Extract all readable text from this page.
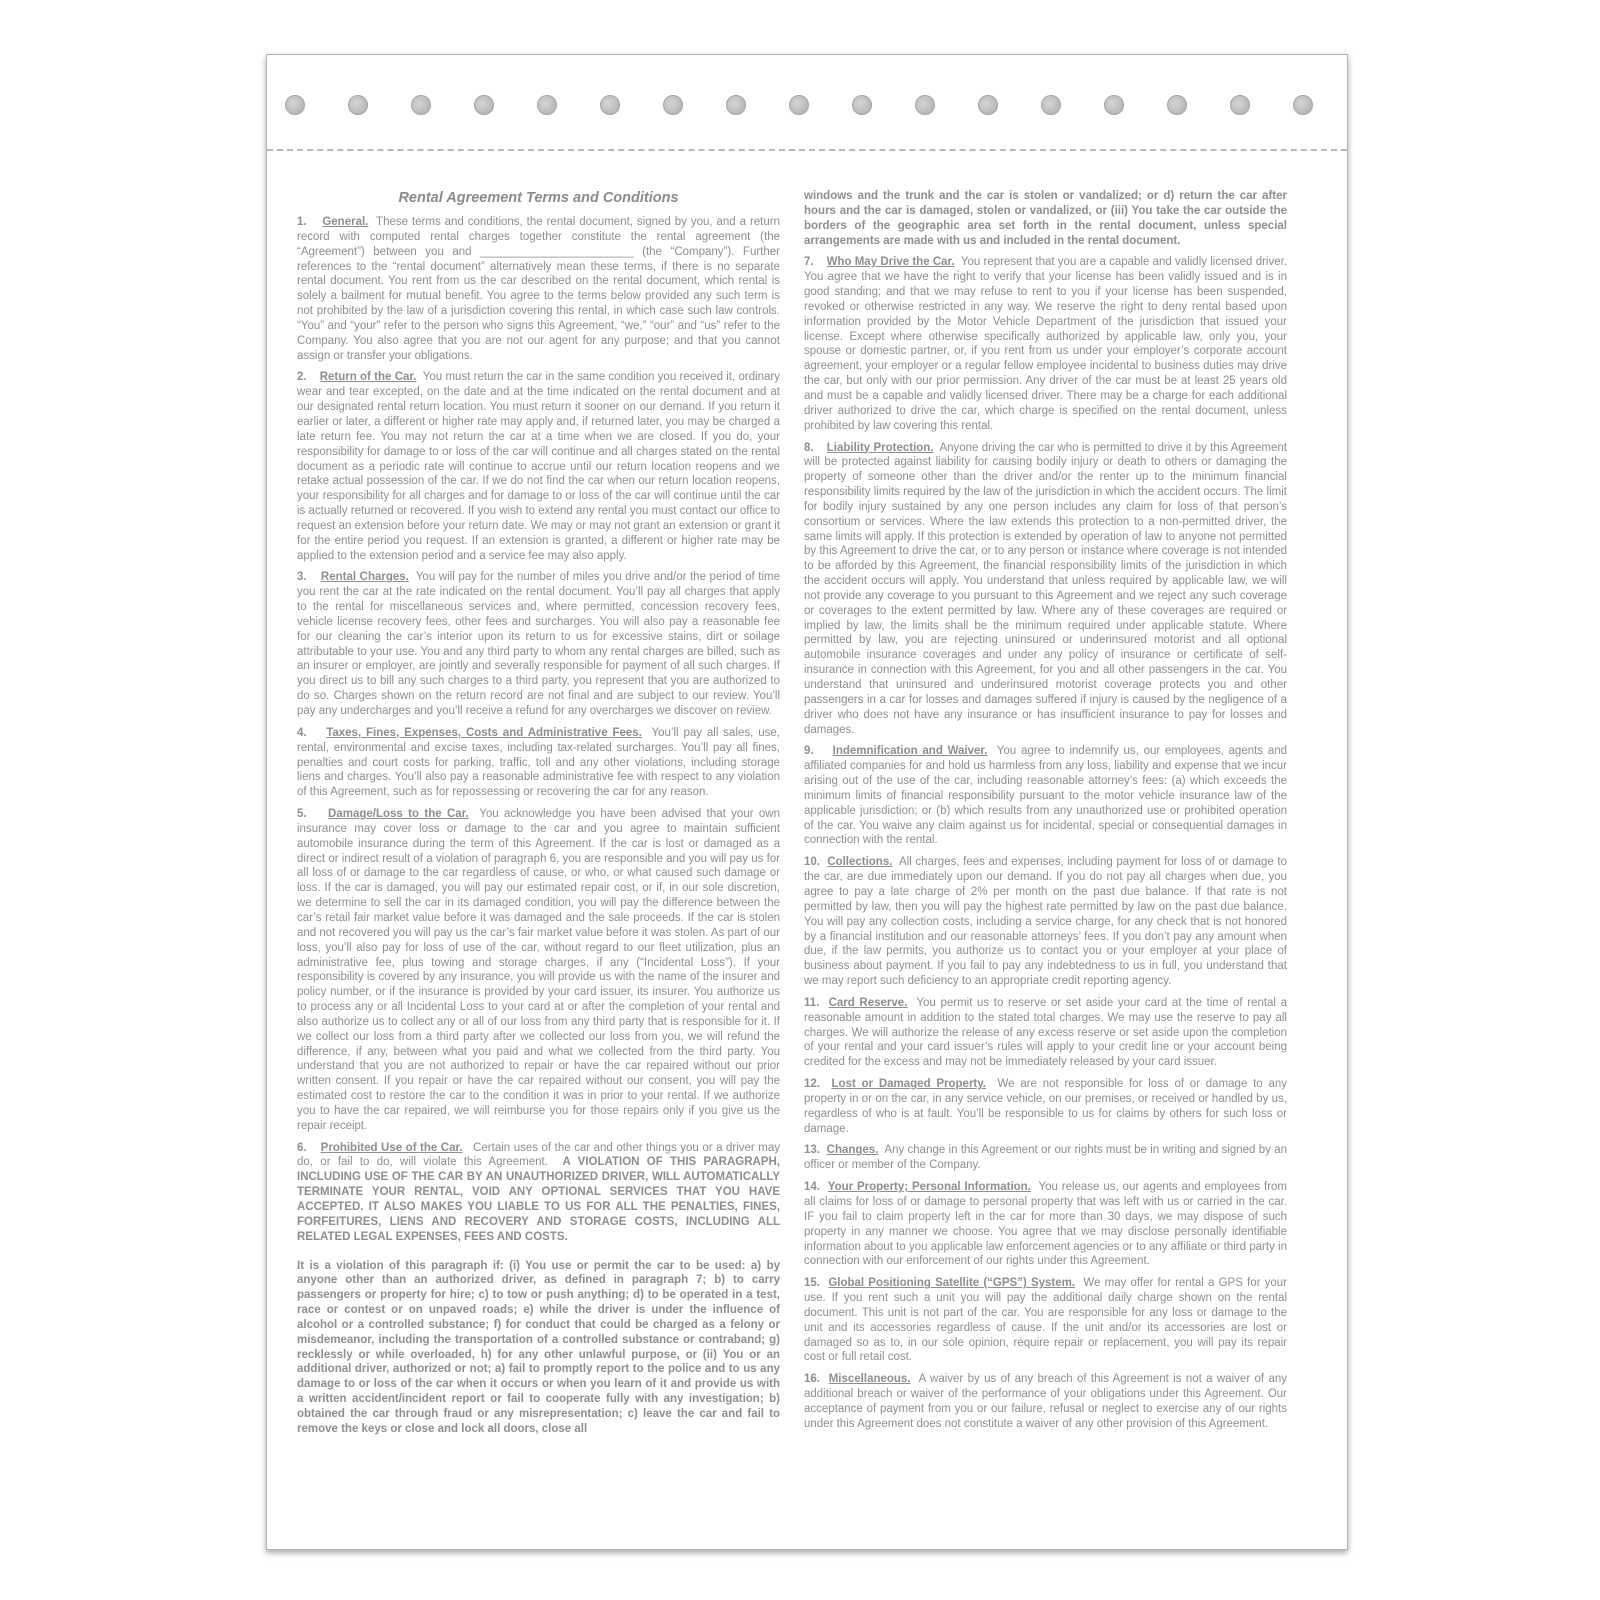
Rental Agreement Terms and Conditions

1. General. These terms and conditions, the rental document, signed by you, and a return record with computed rental charges together constitute the rental agreement (the “Agreement”) between you and ________________________ (the “Company”). Further references to the “rental document” alternatively mean these terms, if there is no separate rental document. You rent from us the car described on the rental document, which rental is solely a bailment for mutual benefit. You agree to the terms below provided any such term is not prohibited by the law of a jurisdiction covering this rental, in which case such law controls. “You” and “your” refer to the person who signs this Agreement, “we,” “our” and “us” refer to the Company. You also agree that you are not our agent for any purpose; and that you cannot assign or transfer your obligations.

2. Return of the Car. You must return the car in the same condition you received it, ordinary wear and tear excepted, on the date and at the time indicated on the rental document and at our designated rental return location. You must return it sooner on our demand. If you return it earlier or later, a different or higher rate may apply and, if returned later, you may be charged a late return fee. You may not return the car at a time when we are closed. If you do, your responsibility for damage to or loss of the car will continue and all charges stated on the rental document as a periodic rate will continue to accrue until our return location reopens and we retake actual possession of the car. If we do not find the car when our return location reopens, your responsibility for all charges and for damage to or loss of the car will continue until the car is actually returned or recovered. If you wish to extend any rental you must contact our office to request an extension before your return date. We may or may not grant an extension or grant it for the entire period you request. If an extension is granted, a different or higher rate may be applied to the extension period and a service fee may also apply.

3. Rental Charges. You will pay for the number of miles you drive and/or the period of time you rent the car at the rate indicated on the rental document. You’ll pay all charges that apply to the rental for miscellaneous services and, where permitted, concession recovery fees, vehicle license recovery fees, other fees and surcharges. You will also pay a reasonable fee for our cleaning the car’s interior upon its return to us for excessive stains, dirt or soilage attributable to your use. You and any third party to whom any rental charges are billed, such as an insurer or employer, are jointly and severally responsible for payment of all such charges. If you direct us to bill any such charges to a third party, you represent that you are authorized to do so. Charges shown on the return record are not final and are subject to our review. You’ll pay any undercharges and you’ll receive a refund for any overcharges we discover on review.

4. Taxes, Fines, Expenses, Costs and Administrative Fees. You’ll pay all sales, use, rental, environmental and excise taxes, including tax-related surcharges. You’ll pay all fines, penalties and court costs for parking, traffic, toll and any other violations, including storage liens and charges. You’ll also pay a reasonable administrative fee with respect to any violation of this Agreement, such as for repossessing or recovering the car for any reason.

5. Damage/Loss to the Car. You acknowledge you have been advised that your own insurance may cover loss or damage to the car and you agree to maintain sufficient automobile insurance during the term of this Agreement. If the car is lost or damaged as a direct or indirect result of a violation of paragraph 6, you are responsible and you will pay us for all loss of or damage to the car regardless of cause, or who, or what caused such damage or loss. If the car is damaged, you will pay our estimated repair cost, or if, in our sole discretion, we determine to sell the car in its damaged condition, you will pay the difference between the car’s retail fair market value before it was damaged and the sale proceeds. If the car is stolen and not recovered you will pay us the car’s fair market value before it was stolen. As part of our loss, you’ll also pay for loss of use of the car, without regard to our fleet utilization, plus an administrative fee, plus towing and storage charges, if any (“Incidental Loss”). If your responsibility is covered by any insurance, you will provide us with the name of the insurer and policy number, or if the insurance is provided by your card issuer, its insurer. You authorize us to process any or all Incidental Loss to your card at or after the completion of your rental and also authorize us to collect any or all of our loss from any third party that is responsible for it. If we collect our loss from a third party after we collected our loss from you, we will refund the difference, if any, between what you paid and what we collected from the third party. You understand that you are not authorized to repair or have the car repaired without our prior written consent. If you repair or have the car repaired without our consent, you will pay the estimated cost to restore the car to the condition it was in prior to your rental. If we authorize you to have the car repaired, we will reimburse you for those repairs only if you give us the repair receipt.

6. Prohibited Use of the Car. Certain uses of the car and other things you or a driver may do, or fail to do, will violate this Agreement. A VIOLATION OF THIS PARAGRAPH, INCLUDING USE OF THE CAR BY AN UNAUTHORIZED DRIVER, WILL AUTOMATICALLY TERMINATE YOUR RENTAL, VOID ANY OPTIONAL SERVICES THAT YOU HAVE ACCEPTED. IT ALSO MAKES YOU LIABLE TO US FOR ALL THE PENALTIES, FINES, FORFEITURES, LIENS AND RECOVERY AND STORAGE COSTS, INCLUDING ALL RELATED LEGAL EXPENSES, FEES AND COSTS.

It is a violation of this paragraph if: (i) You use or permit the car to be used: a) by anyone other than an authorized driver, as defined in paragraph 7; b) to carry passengers or property for hire; c) to tow or push anything; d) to be operated in a test, race or contest or on unpaved roads; e) while the driver is under the influence of alcohol or a controlled substance; f) for conduct that could be charged as a felony or misdemeanor, including the transportation of a controlled substance or contraband; g) recklessly or while overloaded, h) for any other unlawful purpose, or (ii) You or an additional driver, authorized or not; a) fail to promptly report to the police and to us any damage to or loss of the car when it occurs or when you learn of it and provide us with a written accident/incident report or fail to cooperate fully with any investigation; b) obtained the car through fraud or any misrepresentation; c) leave the car and fail to remove the keys or close and lock all doors, close all

windows and the trunk and the car is stolen or vandalized; or d) return the car after hours and the car is damaged, stolen or vandalized, or (iii) You take the car outside the borders of the geographic area set forth in the rental document, unless special arrangements are made with us and included in the rental document.

7. Who May Drive the Car. You represent that you are a capable and validly licensed driver. You agree that we have the right to verify that your license has been validly issued and is in good standing; and that we may refuse to rent to you if your license has been suspended, revoked or otherwise restricted in any way. We reserve the right to deny rental based upon information provided by the Motor Vehicle Department of the jurisdiction that issued your license. Except where otherwise specifically authorized by applicable law, only you, your spouse or domestic partner, or, if you rent from us under your employer’s corporate account agreement, your employer or a regular fellow employee incidental to business duties may drive the car, but only with our prior permission. Any driver of the car must be at least 25 years old and must be a capable and validly licensed driver. There may be a charge for each additional driver authorized to drive the car, which charge is specified on the rental document, unless prohibited by law covering this rental.

8. Liability Protection. Anyone driving the car who is permitted to drive it by this Agreement will be protected against liability for causing bodily injury or death to others or damaging the property of someone other than the driver and/or the renter up to the minimum financial responsibility limits required by the law of the jurisdiction in which the accident occurs. The limit for bodily injury sustained by any one person includes any claim for loss of that person’s consortium or services. Where the law extends this protection to a non-permitted driver, the same limits will apply. If this protection is extended by operation of law to anyone not permitted by this Agreement to drive the car, or to any person or instance where coverage is not intended to be afforded by this Agreement, the financial responsibility limits of the jurisdiction in which the accident occurs will apply. You understand that unless required by applicable law, we will not provide any coverage to you pursuant to this Agreement and we reject any such coverage or coverages to the extent permitted by law. Where any of these coverages are required or implied by law, the limits shall be the minimum required under applicable statute. Where permitted by law, you are rejecting uninsured or underinsured motorist and all optional automobile insurance coverages and under any policy of insurance or certificate of self-insurance in connection with this Agreement, for you and all other passengers in the car. You understand that uninsured and underinsured motorist coverage protects you and other passengers in a car for losses and damages suffered if injury is caused by the negligence of a driver who does not have any insurance or has insufficient insurance to pay for losses and damages.

9. Indemnification and Waiver. You agree to indemnify us, our employees, agents and affiliated companies for and hold us harmless from any loss, liability and expense that we incur arising out of the use of the car, including reasonable attorney’s fees: (a) which exceeds the minimum limits of financial responsibility pursuant to the motor vehicle insurance law of the applicable jurisdiction; or (b) which results from any unauthorized use or prohibited operation of the car. You waive any claim against us for incidental, special or consequential damages in connection with the rental.

10. Collections. All charges, fees and expenses, including payment for loss of or damage to the car, are due immediately upon our demand. If you do not pay all charges when due, you agree to pay a late charge of 2% per month on the past due balance. If that rate is not permitted by law, then you will pay the highest rate permitted by law on the past due balance. You will pay any collection costs, including a service charge, for any check that is not honored by a financial institution and our reasonable attorneys’ fees. If you don’t pay any amount when due, if the law permits, you authorize us to contact you or your employer at your place of business about payment. If you fail to pay any indebtedness to us in full, you understand that we may report such deficiency to an appropriate credit reporting agency.

11. Card Reserve. You permit us to reserve or set aside your card at the time of rental a reasonable amount in addition to the stated total charges. We may use the reserve to pay all charges. We will authorize the release of any excess reserve or set aside upon the completion of your rental and your card issuer’s rules will apply to your credit line or your account being credited for the excess and may not be immediately released by your card issuer.

12. Lost or Damaged Property. We are not responsible for loss of or damage to any property in or on the car, in any service vehicle, on our premises, or received or handled by us, regardless of who is at fault. You’ll be responsible to us for claims by others for such loss or damage.

13. Changes. Any change in this Agreement or our rights must be in writing and signed by an officer or member of the Company.

14. Your Property; Personal Information. You release us, our agents and employees from all claims for loss of or damage to personal property that was left with us or carried in the car. IF you fail to claim property left in the car for more than 30 days, we may dispose of such property in any manner we choose. You agree that we may disclose personally identifiable information about to you applicable law enforcement agencies or to any affiliate or third party in connection with our enforcement of our rights under this Agreement.

15. Global Positioning Satellite (“GPS”) System. We may offer for rental a GPS for your use. If you rent such a unit you will pay the additional daily charge shown on the rental document. This unit is not part of the car. You are responsible for any loss or damage to the unit and its accessories regardless of cause. If the unit and/or its accessories are lost or damaged so as to, in our sole opinion, require repair or replacement, you will pay its repair cost or full retail cost.

16. Miscellaneous. A waiver by us of any breach of this Agreement is not a waiver of any additional breach or waiver of the performance of your obligations under this Agreement. Our acceptance of payment from you or our failure, refusal or neglect to exercise any of our rights under this Agreement does not constitute a waiver of any other provision of this Agreement.
